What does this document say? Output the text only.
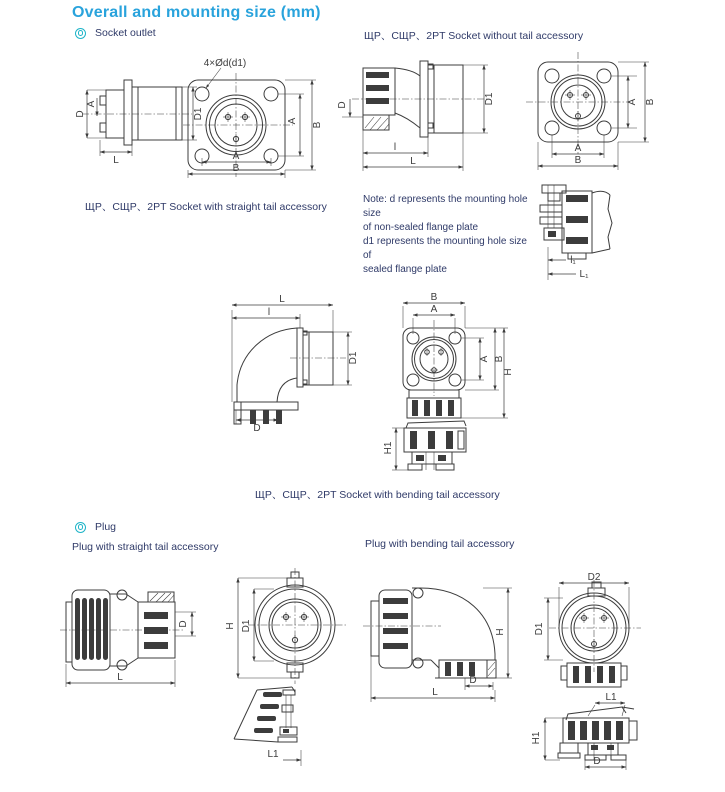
Overall and mounting size (mm)
Socket outlet	ЩР、СЩР、2PT Socket without tail accessory
D
A
D1
L
4×Ød(d1)
A
B
A
B
D	D1
l
L
A B
A
B
ЩР、СЩР、2PT Socket with straight tail accessory
Note: d represents the mounting hole size
of non-sealed flange plate
d1 represents the mounting hole size of
sealed flange plate
l₁
L₁
L
l
D
D1
B
A
A B
H
H1
ЩР、СЩР、2PT Socket with bending tail accessory
Plug
Plug with straight tail accessory	Plug with bending tail accessory
D
L
H D1
L1
H
D
L
D2
D1
L1
H1
D
